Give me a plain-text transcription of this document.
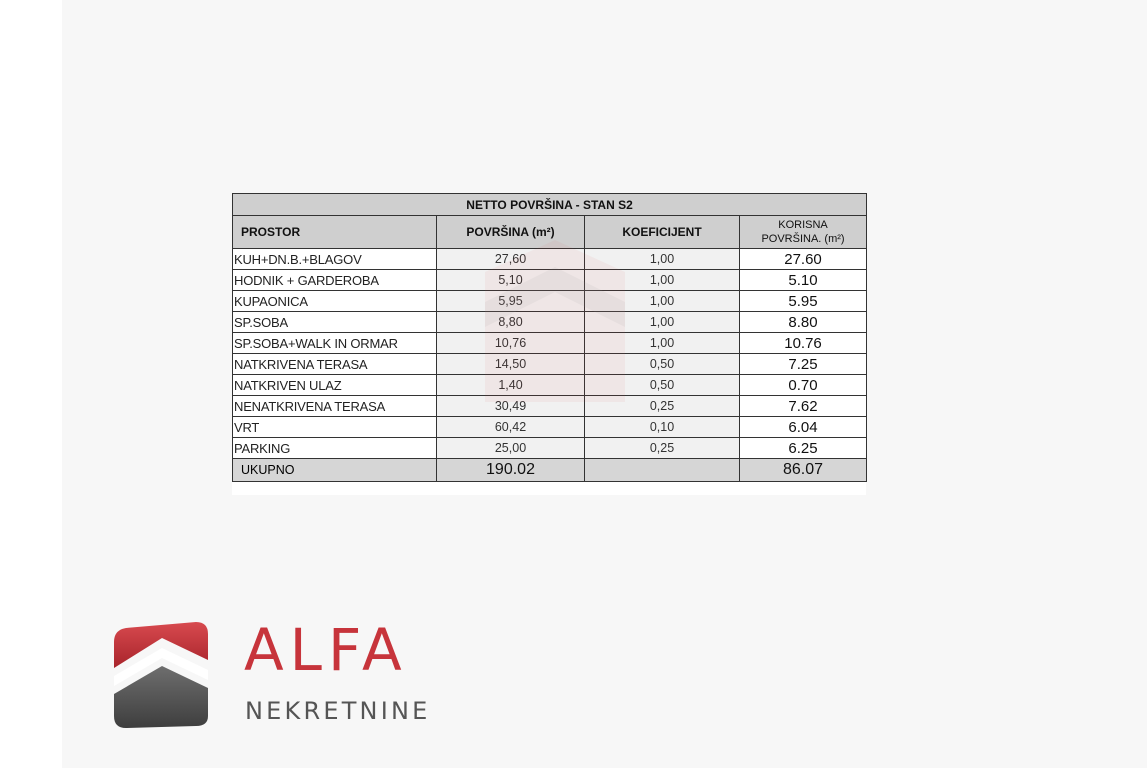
NETTO POVRŠINA - STAN S2			
PROSTOR	POVRŠINA (m²)	KOEFICIJENT	KORISNA
POVRŠINA. (m²)
KUH+DN.B.+BLAGOV	27,60	1,00	27.60
HODNIK + GARDEROBA	5,10	1,00	5.10
KUPAONICA	5,95	1,00	5.95
SP.SOBA	8,80	1,00	8.80
SP.SOBA+WALK IN ORMAR	10,76	1,00	10.76
NATKRIVENA TERASA	14,50	0,50	7.25
NATKRIVEN ULAZ	1,40	0,50	0.70
NENATKRIVENA TERASA	30,49	0,25	7.62
VRT	60,42	0,10	6.04
PARKING	25,00	0,25	6.25
UKUPNO	190.02		86.07
ALFA
NEKRETNINE
